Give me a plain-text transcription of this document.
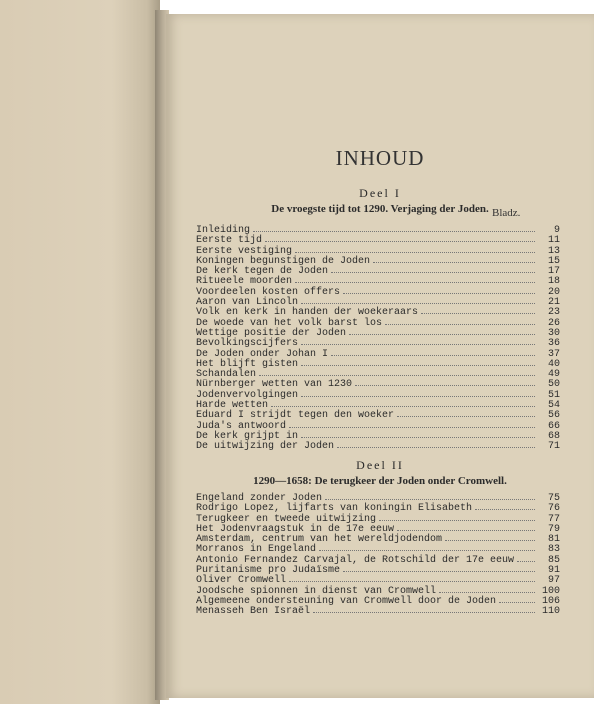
INHOUD
Deel I
De vroegste tijd tot 1290. Verjaging der Joden. Bladz.
Inleiding	9
Eerste tijd	11
Eerste vestiging	13
Koningen begunstigen de Joden	15
De kerk tegen de Joden	17
Ritueele moorden	18
Voordeelen kosten offers	20
Aaron van Lincoln	21
Volk en kerk in handen der woekeraars	23
De woede van het volk barst los	26
Wettige positie der Joden	30
Bevolkingscijfers	36
De Joden onder Johan I	37
Het blijft gisten	40
Schandalen	49
Nürnberger wetten van 1230	50
Jodenvervolgingen	51
Harde wetten	54
Eduard I strijdt tegen den woeker	56
Juda's antwoord	66
De kerk grijpt in	68
De uitwijzing der Joden	71
Deel II
1290—1658: De terugkeer der Joden onder Cromwell.
Engeland zonder Joden	75
Rodrigo Lopez, lijfarts van koningin Elisabeth	76
Terugkeer en tweede uitwijzing	77
Het Jodenvraagstuk in de 17e eeuw	79
Amsterdam, centrum van het wereldjodendom	81
Morranos in Engeland	83
Antonio Fernandez Carvajal, de Rotschild der 17e eeuw	85
Puritanisme pro Judaïsme	91
Oliver Cromwell	97
Joodsche spionnen in dienst van Cromwell	100
Algemeene ondersteuning van Cromwell door de Joden	106
Menasseh Ben Israël	110
